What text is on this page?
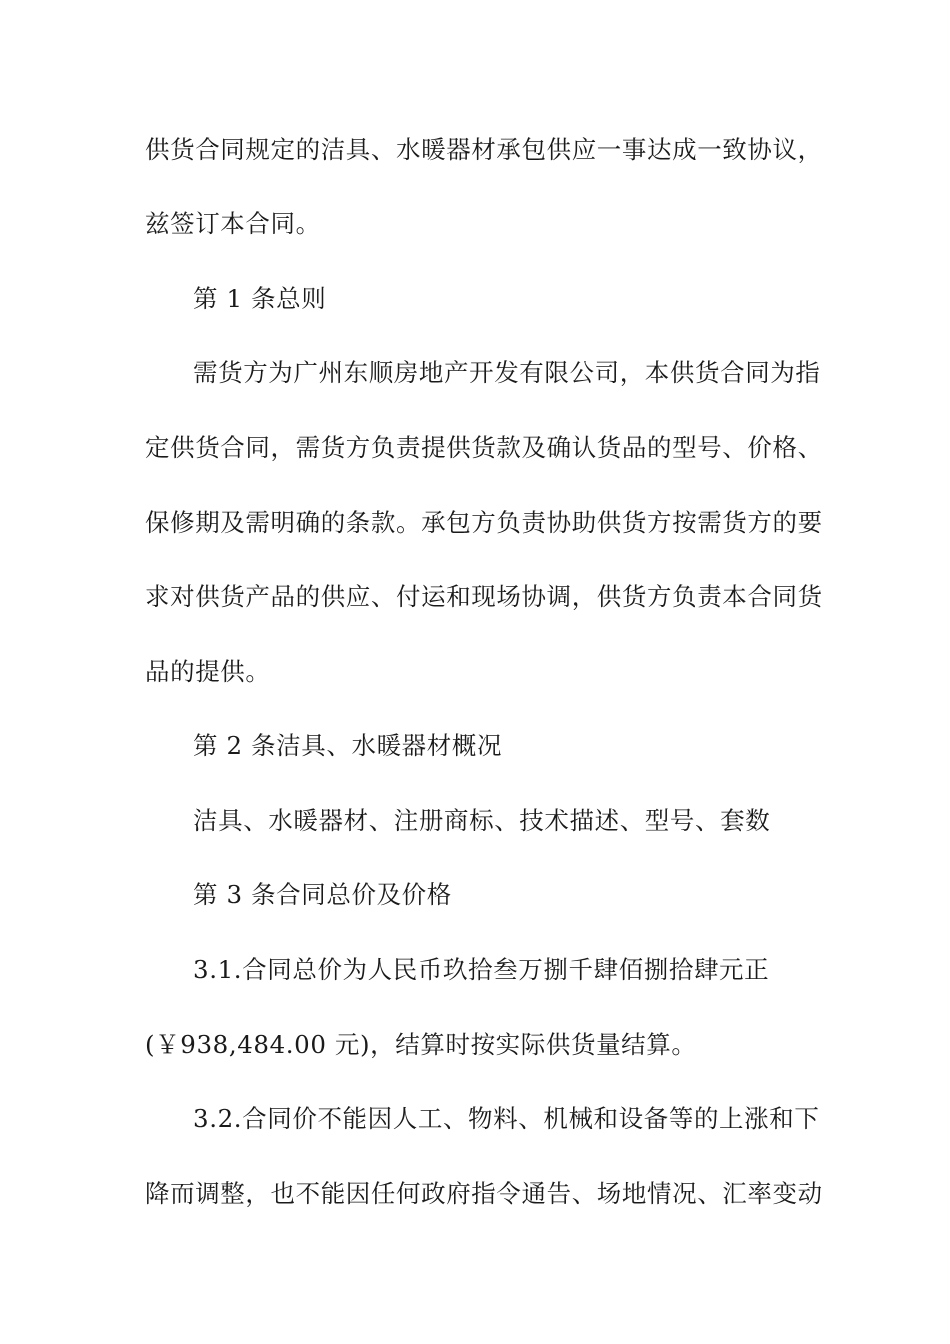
供货合同规定的洁具、水暖器材承包供应一事达成一致协议，
兹签订本合同。
第 1 条总则
需货方为广州东顺房地产开发有限公司，本供货合同为指
定供货合同，需货方负责提供货款及确认货品的型号、价格、
保修期及需明确的条款。承包方负责协助供货方按需货方的要
求对供货产品的供应、付运和现场协调，供货方负责本合同货
品的提供。
第 2 条洁具、水暖器材概况
洁具、水暖器材、注册商标、技术描述、型号、套数
第 3 条合同总价及价格
3.1.合同总价为人民币玖拾叁万捌千肆佰捌拾肆元正
(￥938,484.00 元)，结算时按实际供货量结算。
3.2.合同价不能因人工、物料、机械和设备等的上涨和下
降而调整，也不能因任何政府指令通告、场地情况、汇率变动
